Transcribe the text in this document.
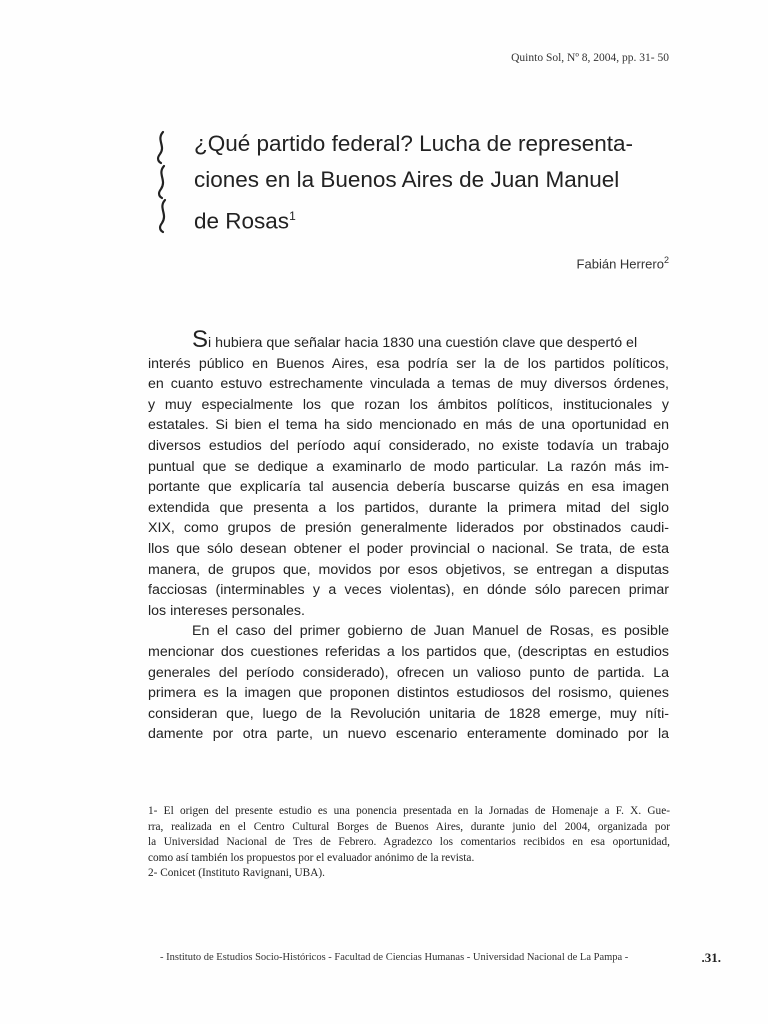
Quinto Sol, Nº 8, 2004, pp. 31- 50
¿Qué partido federal? Lucha de representa-
ciones en la Buenos Aires de Juan Manuel
de Rosas$^1$
Fabián Herrero$^2$
Si hubiera que señalar hacia 1830 una cuestión clave que despertó el
interés público en Buenos Aires, esa podría ser la de los partidos políticos,
en cuanto estuvo estrechamente vinculada a temas de muy diversos órdenes,
y muy especialmente los que rozan los ámbitos políticos, institucionales y
estatales. Si bien el tema ha sido mencionado en más de una oportunidad en
diversos estudios del período aquí considerado, no existe todavía un trabajo
puntual que se dedique a examinarlo de modo particular. La razón más im-
portante que explicaría tal ausencia debería buscarse quizás en esa imagen
extendida que presenta a los partidos, durante la primera mitad del siglo
XIX, como grupos de presión generalmente liderados por obstinados caudi-
llos que sólo desean obtener el poder provincial o nacional. Se trata, de esta
manera, de grupos que, movidos por esos objetivos, se entregan a disputas
facciosas (interminables y a veces violentas), en dónde sólo parecen primar
los intereses personales.
En el caso del primer gobierno de Juan Manuel de Rosas, es posible
mencionar dos cuestiones referidas a los partidos que, (descriptas en estudios
generales del período considerado), ofrecen un valioso punto de partida. La
primera es la imagen que proponen distintos estudiosos del rosismo, quienes
consideran que, luego de la Revolución unitaria de 1828 emerge, muy níti-
damente por otra parte, un nuevo escenario enteramente dominado por la
1- El origen del presente estudio es una ponencia presentada en la Jornadas de Homenaje a F. X. Gue-
rra, realizada en el Centro Cultural Borges de Buenos Aires, durante junio del 2004, organizada por
la Universidad Nacional de Tres de Febrero. Agradezco los comentarios recibidos en esa oportunidad,
como así también los propuestos por el evaluador anónimo de la revista.
2- Conicet (Instituto Ravignani, UBA).
- Instituto de Estudios Socio-Históricos - Facultad de Ciencias Humanas - Universidad Nacional de La Pampa -	.31.
